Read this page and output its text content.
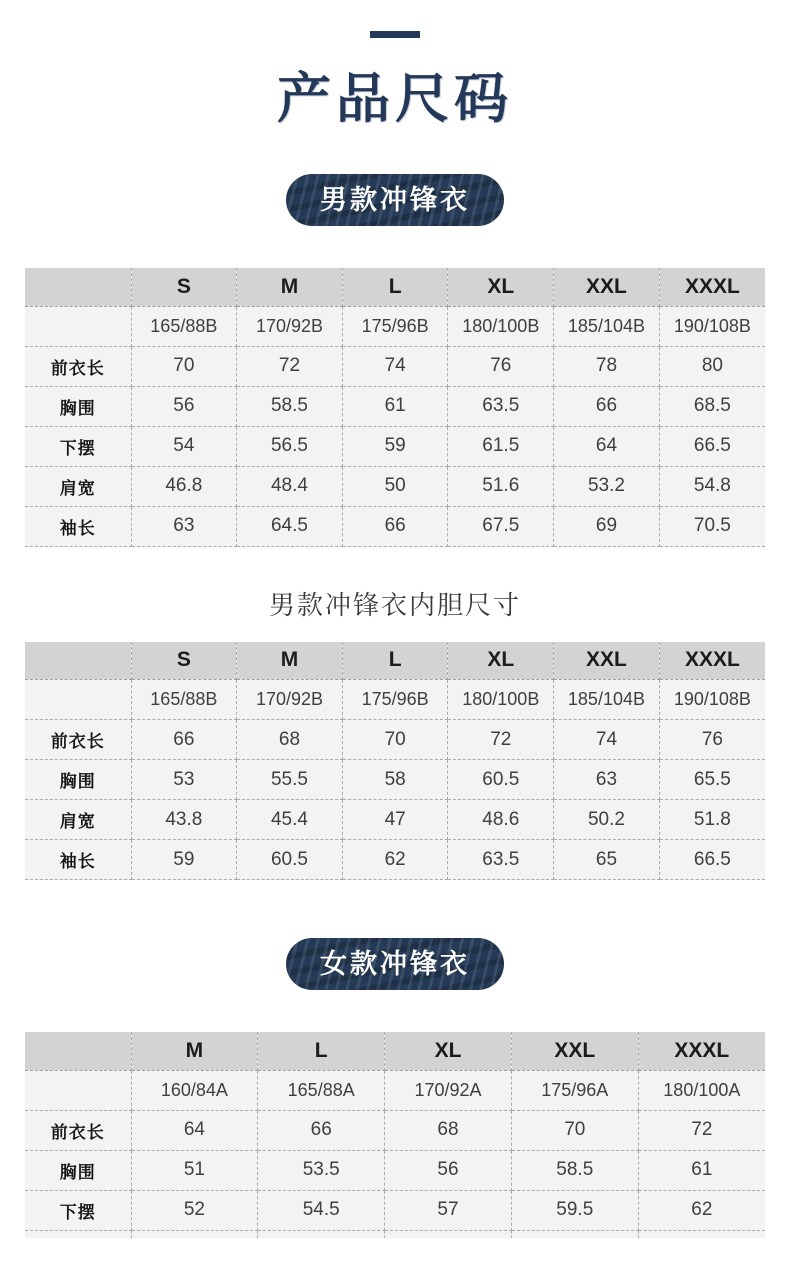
产品尺码
男款冲锋衣
	S	M	L	XL	XXL	XXXL
	165/88B	170/92B	175/96B	180/100B	185/104B	190/108B
前衣长	70	72	74	76	78	80
胸围	56	58.5	61	63.5	66	68.5
下摆	54	56.5	59	61.5	64	66.5
肩宽	46.8	48.4	50	51.6	53.2	54.8
袖长	63	64.5	66	67.5	69	70.5
男款冲锋衣内胆尺寸
	S	M	L	XL	XXL	XXXL
	165/88B	170/92B	175/96B	180/100B	185/104B	190/108B
前衣长	66	68	70	72	74	76
胸围	53	55.5	58	60.5	63	65.5
肩宽	43.8	45.4	47	48.6	50.2	51.8
袖长	59	60.5	62	63.5	65	66.5
女款冲锋衣
	M	L	XL	XXL	XXXL
	160/84A	165/88A	170/92A	175/96A	180/100A
前衣长	64	66	68	70	72
胸围	51	53.5	56	58.5	61
下摆	52	54.5	57	59.5	62
